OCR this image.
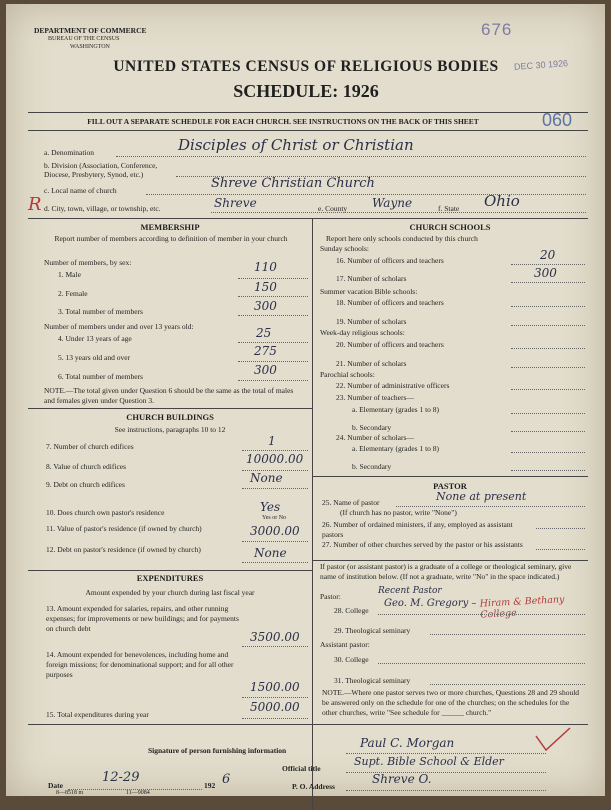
DEPARTMENT OF COMMERCE
BUREAU OF THE CENSUS
WASHINGTON
676
DEC 30 1926
UNITED STATES CENSUS OF RELIGIOUS BODIES
SCHEDULE: 1926
FILL OUT A SEPARATE SCHEDULE FOR EACH CHURCH. SEE INSTRUCTIONS ON THE BACK OF THIS SHEET	060
a. Denomination	Disciples of Christ or Christian
b. Division (Association, Conference, Diocese, Presbytery, Synod, etc.)
c. Local name of church	Shreve Christian Church
R d. City, town, village, or township, etc.	Shreve	e. County Wayne	f. State Ohio
MEMBERSHIP
Report number of members according to definition of member in your church
Number of members, by sex:
1. Male
110
2. Female	150
3. Total number of members	300
Number of members under and over 13 years old:
4. Under 13 years of age	25
5. 13 years old and over	275
6. Total number of members	300
NOTE.—The total given under Question 6 should be the same as the total of males and females given under Question 3.
CHURCH BUILDINGS
See instructions, paragraphs 10 to 12
7. Number of church edifices	1
8. Value of church edifices
10000.00
9. Debt on church edifices	None
10. Does church own pastor's residence	Yes
Yes or No
11. Value of pastor's residence (if owned by church)	3000.00
12. Debt on pastor's residence (if owned by church)	None
EXPENDITURES
Amount expended by your church during last fiscal year
13. Amount expended for salaries, repairs, and other running expenses; for improvements or new buildings; and for payments on church debt
3500.00
14. Amount expended for benevolences, including home and foreign missions; for denominational support; and for all other purposes
1500.00
15. Total expenditures during year
5000.00
CHURCH SCHOOLS
Report here only schools conducted by this church
Sunday schools:
16. Number of officers and teachers	20
17. Number of scholars	300
Summer vacation Bible schools:
18. Number of officers and teachers
19. Number of scholars
Week-day religious schools:
20. Number of officers and teachers
21. Number of scholars
Parochial schools:
22. Number of administrative officers
23. Number of teachers—
a. Elementary (grades 1 to 8)
b. Secondary
24. Number of scholars—
a. Elementary (grades 1 to 8)
b. Secondary
PASTOR
25. Name of pastor	None at present
(If church has no pastor, write "None")
26. Number of ordained ministers, if any, employed as assistant pastors
27. Number of other churches served by the pastor or his assistants
If pastor (or assistant pastor) is a graduate of a college or theological seminary, give name of institution below. (If not a graduate, write "No" in the space indicated.)
Pastor:
Recent Pastor
28. College
Geo. M. Gregory – Hiram & Bethany College
29. Theological seminary
Assistant pastor:
30. College
31. Theological seminary
NOTE.—Where one pastor serves two or more churches, Questions 28 and 29 should be answered only on the schedule for one of the churches; on the schedules for the other churches, write "See schedule for ______ church."
Signature of person furnishing information
Paul C. Morgan
Official title
Supt. Bible School & Elder
Date
12-29
192 6	P. O. Address
Shreve O.
8—8518 m	11—9084
